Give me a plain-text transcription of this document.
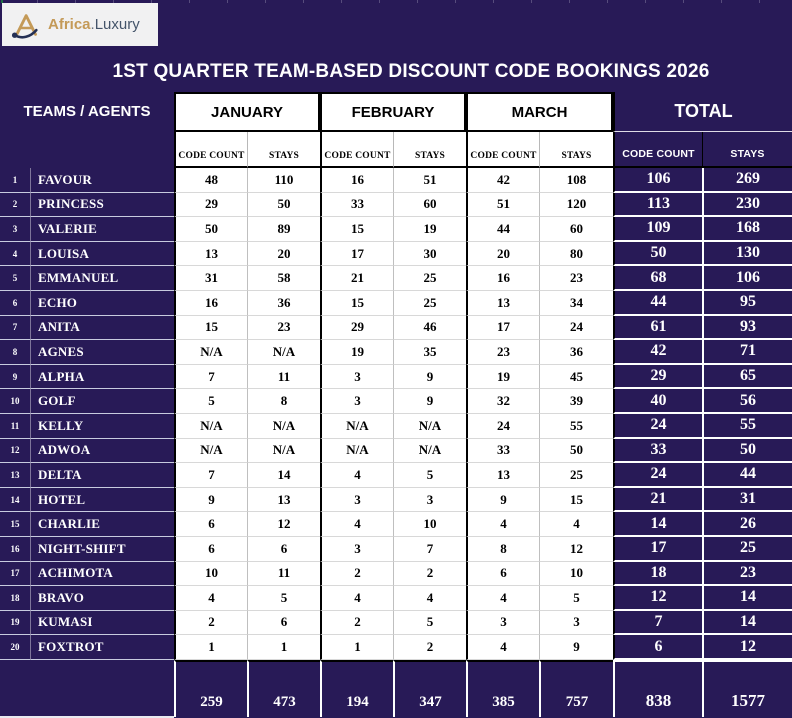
Africa.Luxury
1ST QUARTER TEAM-BASED DISCOUNT CODE BOOKINGS 2026
TEAMS / AGENTS	JANUARY	FEBRUARY	MARCH	TOTAL
CODE COUNT	STAYS	CODE COUNT	STAYS	CODE COUNT	STAYS	CODE COUNT	STAYS
1	FAVOUR	48	110	16	51	42	108	106	269
2	PRINCESS	29	50	33	60	51	120	113	230
3	VALERIE	50	89	15	19	44	60	109	168
4	LOUISA	13	20	17	30	20	80	50	130
5	EMMANUEL	31	58	21	25	16	23	68	106
6	ECHO	16	36	15	25	13	34	44	95
7	ANITA	15	23	29	46	17	24	61	93
8	AGNES	N/A	N/A	19	35	23	36	42	71
9	ALPHA	7	11	3	9	19	45	29	65
10	GOLF	5	8	3	9	32	39	40	56
11	KELLY	N/A	N/A	N/A	N/A	24	55	24	55
12	ADWOA	N/A	N/A	N/A	N/A	33	50	33	50
13	DELTA	7	14	4	5	13	25	24	44
14	HOTEL	9	13	3	3	9	15	21	31
15	CHARLIE	6	12	4	10	4	4	14	26
16	NIGHT-SHIFT	6	6	3	7	8	12	17	25
17	ACHIMOTA	10	11	2	2	6	10	18	23
18	BRAVO	4	5	4	4	4	5	12	14
19	KUMASI	2	6	2	5	3	3	7	14
20	FOXTROT	1	1	1	2	4	9	6	12
259	473	194	347	385	757	838	1577
